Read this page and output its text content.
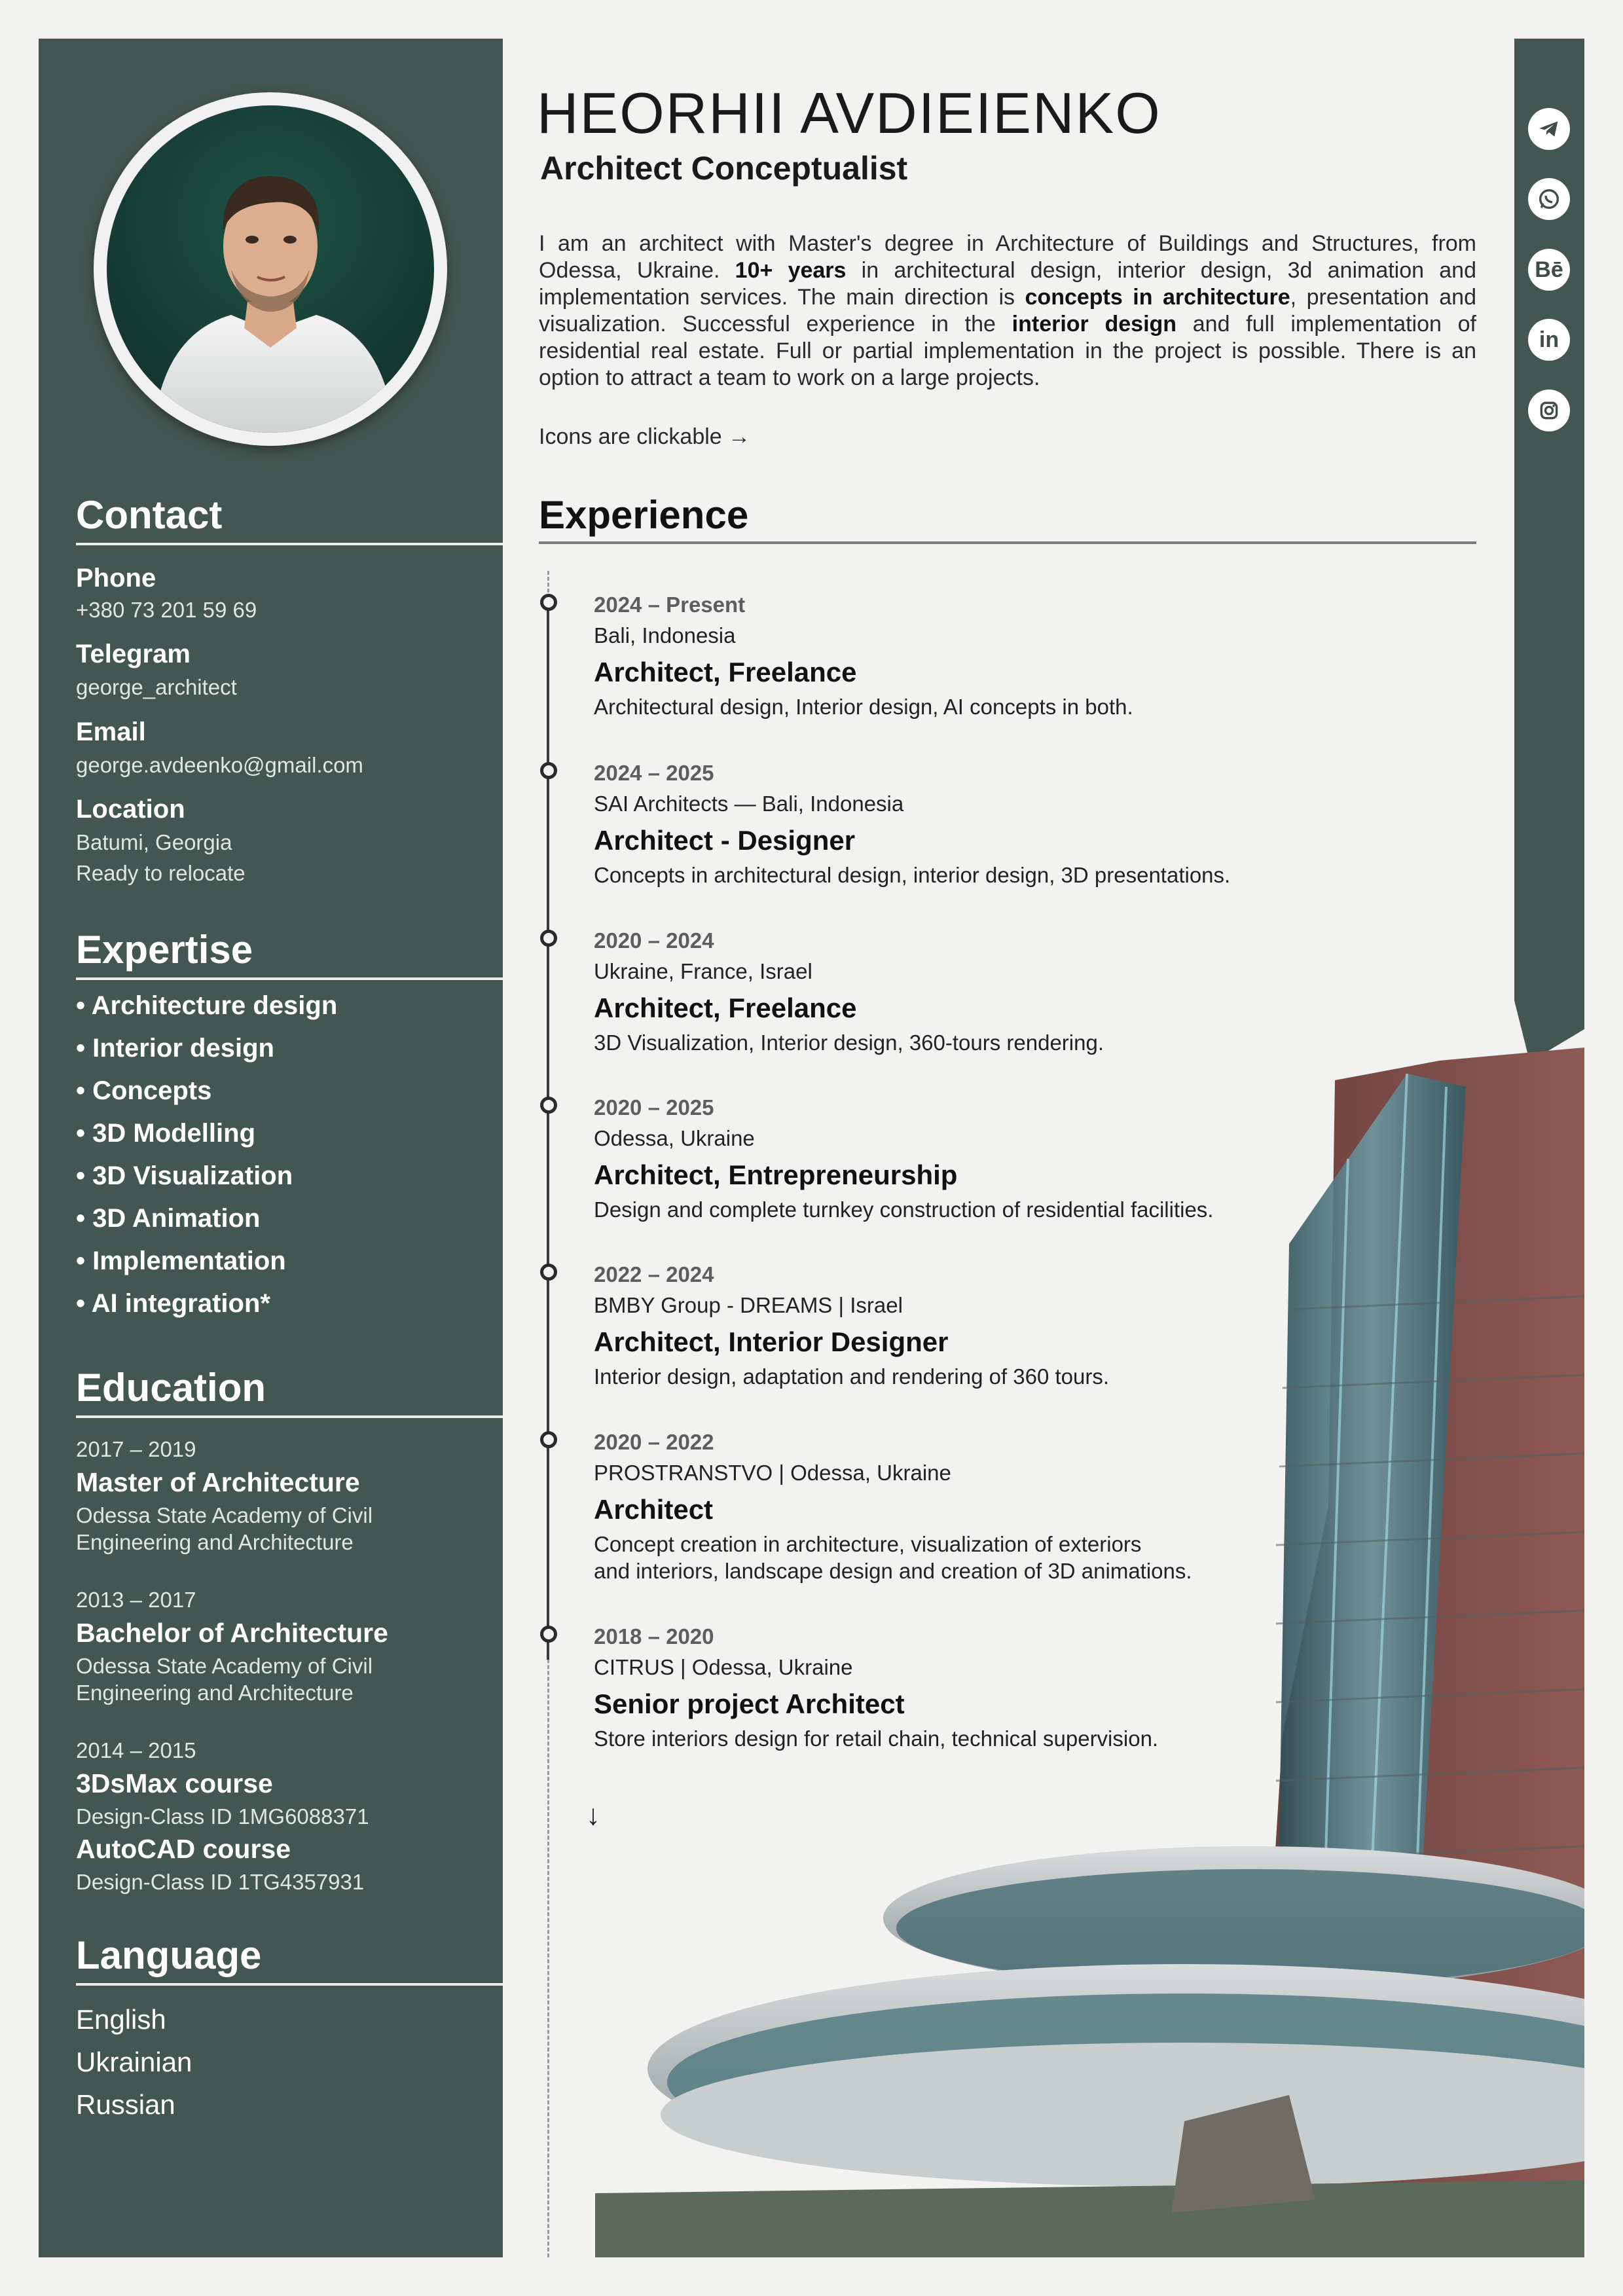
Contact
Phone
+380 73 201 59 69
Telegram
george_architect
Email
george.avdeenko@gmail.com
Location
Batumi, Georgia
Ready to relocate
Expertise
• Architecture design
• Interior design
• Concepts
• 3D Modelling
• 3D Visualization
• 3D Animation
• Implementation
• AI integration*
Education
2017 – 2019
Master of Architecture
Odessa State Academy of Civil
Engineering and Architecture
2013 – 2017
Bachelor of Architecture
Odessa State Academy of Civil
Engineering and Architecture
2014 – 2015
3DsMax course
Design-Class ID 1MG6088371
AutoCAD course
Design-Class ID 1TG4357931
Language
English
Ukrainian
Russian
Bē
in
HEORHII AVDIEIENKO
Architect Conceptualist
I am an architect with Master's degree in Architecture of Buildings and Structures, from Odessa, Ukraine. 10+ years in architectural design, interior design, 3d animation and implementation services. The main direction is concepts in architecture, presentation and visualization. Successful experience in the interior design and full implementation of residential real estate. Full or partial implementation in the project is possible. There is an option to attract a team to work on a large projects.
Icons are clickable →
Experience
2024 – Present
Bali, Indonesia
Architect, Freelance
Architectural design, Interior design, AI concepts in both.
2024 – 2025
SAI Architects — Bali, Indonesia
Architect - Designer
Concepts in architectural design, interior design, 3D presentations.
2020 – 2024
Ukraine, France, Israel
Architect, Freelance
3D Visualization, Interior design, 360-tours rendering.
2020 – 2025
Odessa, Ukraine
Architect, Entrepreneurship
Design and complete turnkey construction of residential facilities.
2022 – 2024
BMBY Group - DREAMS | Israel
Architect, Interior Designer
Interior design, adaptation and rendering of 360 tours.
2020 – 2022
PROSTRANSTVO | Odessa, Ukraine
Architect
Concept creation in architecture, visualization of exteriors
and interiors, landscape design and creation of 3D animations.
2018 – 2020
CITRUS | Odessa, Ukraine
Senior project Architect
Store interiors design for retail chain, technical supervision.
↓
